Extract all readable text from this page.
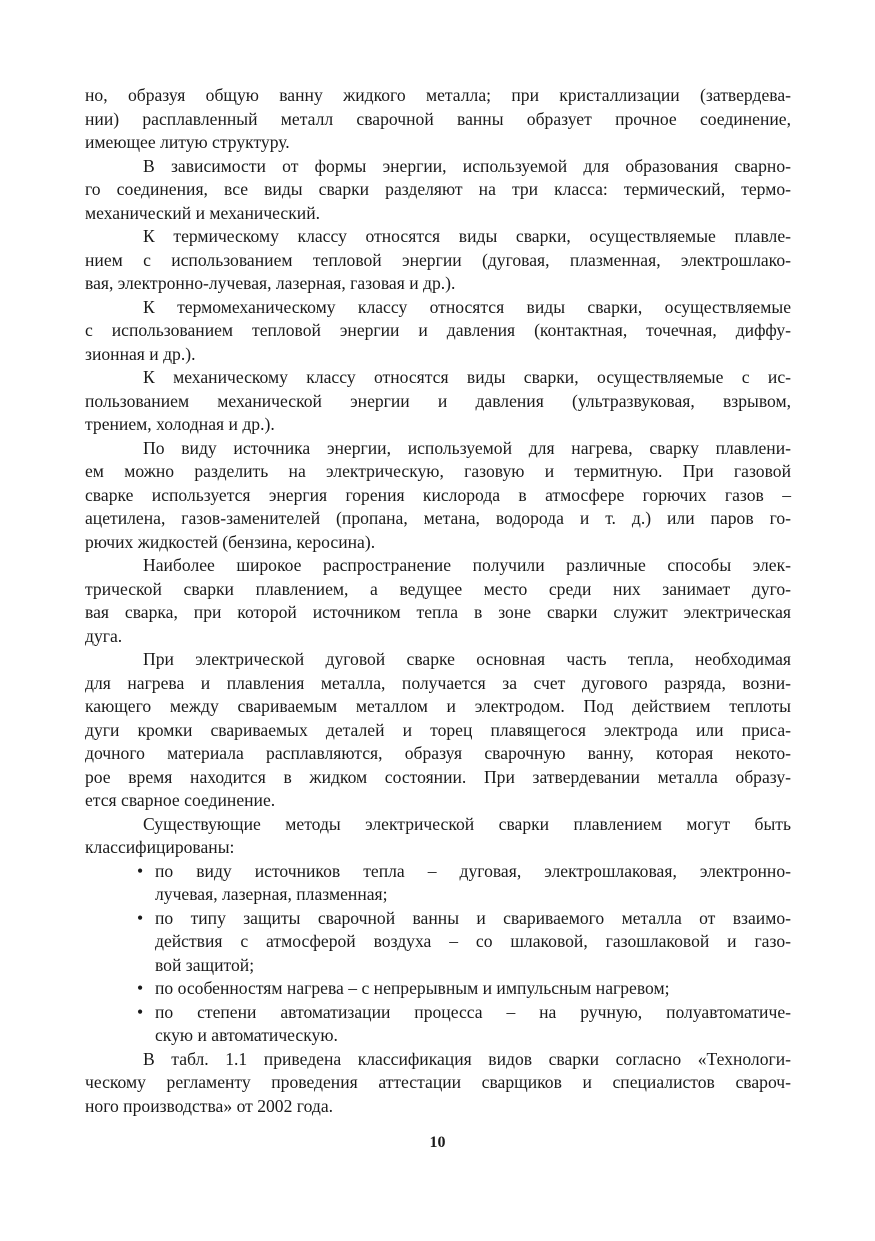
но, образуя общую ванну жидкого металла; при кристаллизации (затвердева-
нии) расплавленный металл сварочной ванны образует прочное соединение,
имеющее литую структуру.
В зависимости от формы энергии, используемой для образования сварно-
го соединения, все виды сварки разделяют на три класса: термический, термо-
механический и механический.
К термическому классу относятся виды сварки, осуществляемые плавле-
нием с использованием тепловой энергии (дуговая, плазменная, электрошлако-
вая, электронно-лучевая, лазерная, газовая и др.).
К термомеханическому классу относятся виды сварки, осуществляемые
с использованием тепловой энергии и давления (контактная, точечная, диффу-
зионная и др.).
К механическому классу относятся виды сварки, осуществляемые с ис-
пользованием механической энергии и давления (ультразвуковая, взрывом,
трением, холодная и др.).
По виду источника энергии, используемой для нагрева, сварку плавлени-
ем можно разделить на электрическую, газовую и термитную. При газовой
сварке используется энергия горения кислорода в атмосфере горючих газов –
ацетилена, газов-заменителей (пропана, метана, водорода и т. д.) или паров го-
рючих жидкостей (бензина, керосина).
Наиболее широкое распространение получили различные способы элек-
трической сварки плавлением, а ведущее место среди них занимает дуго-
вая сварка, при которой источником тепла в зоне сварки служит электрическая
дуга.
При электрической дуговой сварке основная часть тепла, необходимая
для нагрева и плавления металла, получается за счет дугового разряда, возни-
кающего между свариваемым металлом и электродом. Под действием теплоты
дуги кромки свариваемых деталей и торец плавящегося электрода или приса-
дочного материала расплавляются, образуя сварочную ванну, которая некото-
рое время находится в жидком состоянии. При затвердевании металла образу-
ется сварное соединение.
Существующие методы электрической сварки плавлением могут быть
классифицированы:
• по виду источников тепла – дуговая, электрошлаковая, электронно-
лучевая, лазерная, плазменная;
• по типу защиты сварочной ванны и свариваемого металла от взаимо-
действия с атмосферой воздуха – со шлаковой, газошлаковой и газо-
вой защитой;
• по особенностям нагрева – с непрерывным и импульсным нагревом;
• по степени автоматизации процесса – на ручную, полуавтоматиче-
скую и автоматическую.
В табл. 1.1 приведена классификация видов сварки согласно «Технологи-
ческому регламенту проведения аттестации сварщиков и специалистов свароч-
ного производства» от 2002 года.
10
